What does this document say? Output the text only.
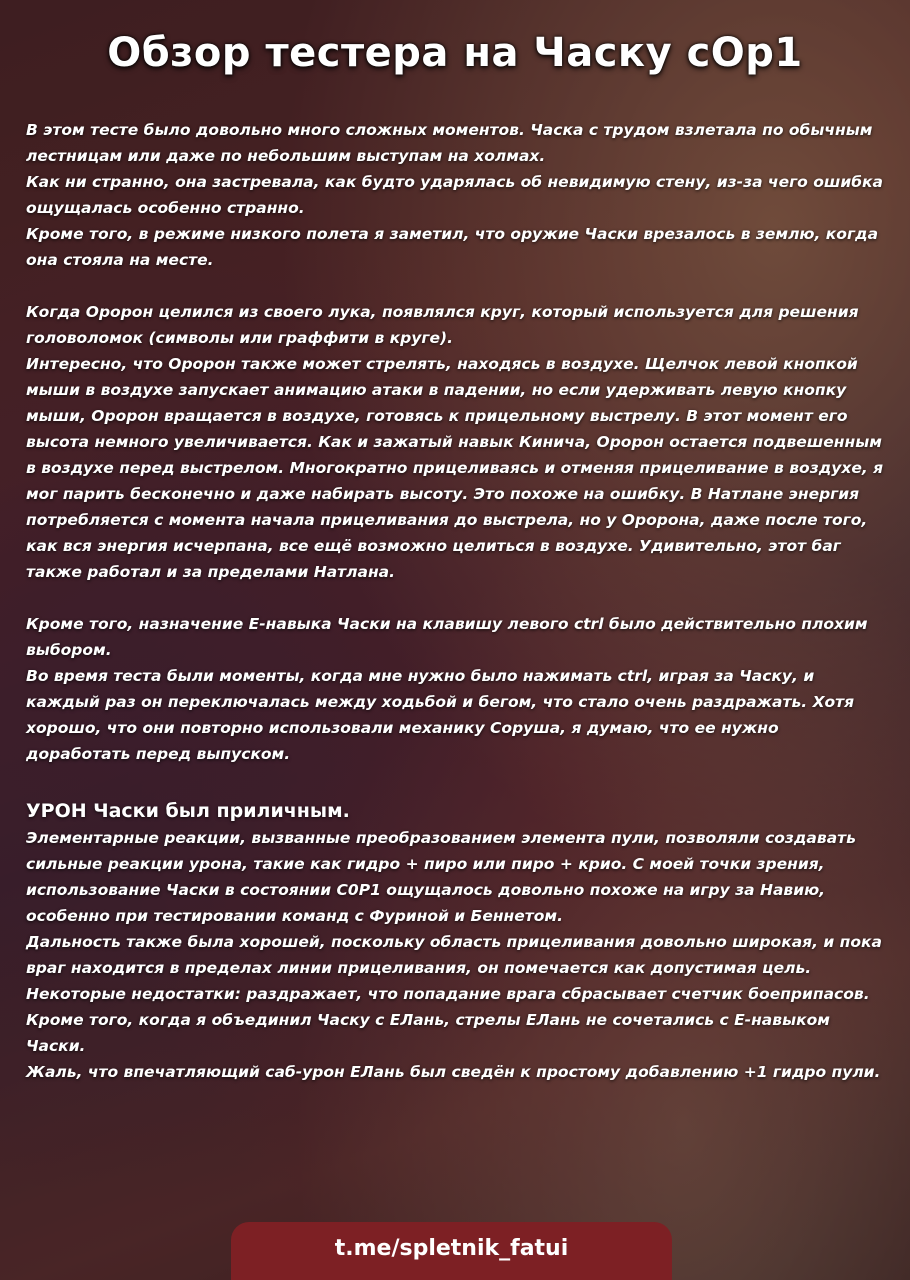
Обзор тестера на Часку сОр1

В этом тесте было довольно много сложных моментов. Часка с трудом взлетала по обычным лестницам или даже по небольшим выступам на холмах.

Как ни странно, она застревала, как будто ударялась об невидимую стену, из-за чего ошибка ощущалась особенно странно.

Кроме того, в режиме низкого полета я заметил, что оружие Часки врезалось в землю, когда она стояла на месте.

Когда Оророн целился из своего лука, появлялся круг, который используется для решения головоломок (символы или граффити в круге).

Интересно, что Оророн также может стрелять, находясь в воздухе. Щелчок левой кнопкой мыши в воздухе запускает анимацию атаки в падении, но если удерживать левую кнопку мыши, Оророн вращается в воздухе, готовясь к прицельному выстрелу. В этот момент его высота немного увеличивается. Как и зажатый навык Кинича, Оророн остается подвешенным в воздухе перед выстрелом. Многократно прицеливаясь и отменяя прицеливание в воздухе, я мог парить бесконечно и даже набирать высоту. Это похоже на ошибку. В Натлане энергия потребляется с момента начала прицеливания до выстрела, но у Ороронa, даже после того, как вся энергия исчерпана, все ещё возможно целиться в воздухе. Удивительно, этот баг также работал и за пределами Натлана.

Кроме того, назначение Е-навыка Часки на клавишу левого ctrl было действительно плохим выбором.

Во время теста были моменты, когда мне нужно было нажимать ctrl, играя за Часку, и каждый раз он переключалась между ходьбой и бегом, что стало очень раздражать. Хотя хорошо, что они повторно использовали механику Соруша, я думаю, что ее нужно доработать перед выпуском.

УРОН Часки был приличным.

Элементарные реакции, вызванные преобразованием элемента пули, позволяли создавать сильные реакции урона, такие как гидро + пиро или пиро + крио. С моей точки зрения, использование Часки в состоянии С0Р1 ощущалось довольно похоже на игру за Навию, особенно при тестировании команд с Фуриной и Беннетом.

Дальность также была хорошей, поскольку область прицеливания довольно широкая, и пока враг находится в пределах линии прицеливания, он помечается как допустимая цель.

Некоторые недостатки: раздражает, что попадание врага сбрасывает счетчик боеприпасов.

Кроме того, когда я объединил Часку с ЕЛань, стрелы ЕЛань не сочетались с Е-навыком Часки.

Жаль, что впечатляющий саб-урон ЕЛань был сведён к простому добавлению +1 гидро пули.

t.me/spletnik_fatui
